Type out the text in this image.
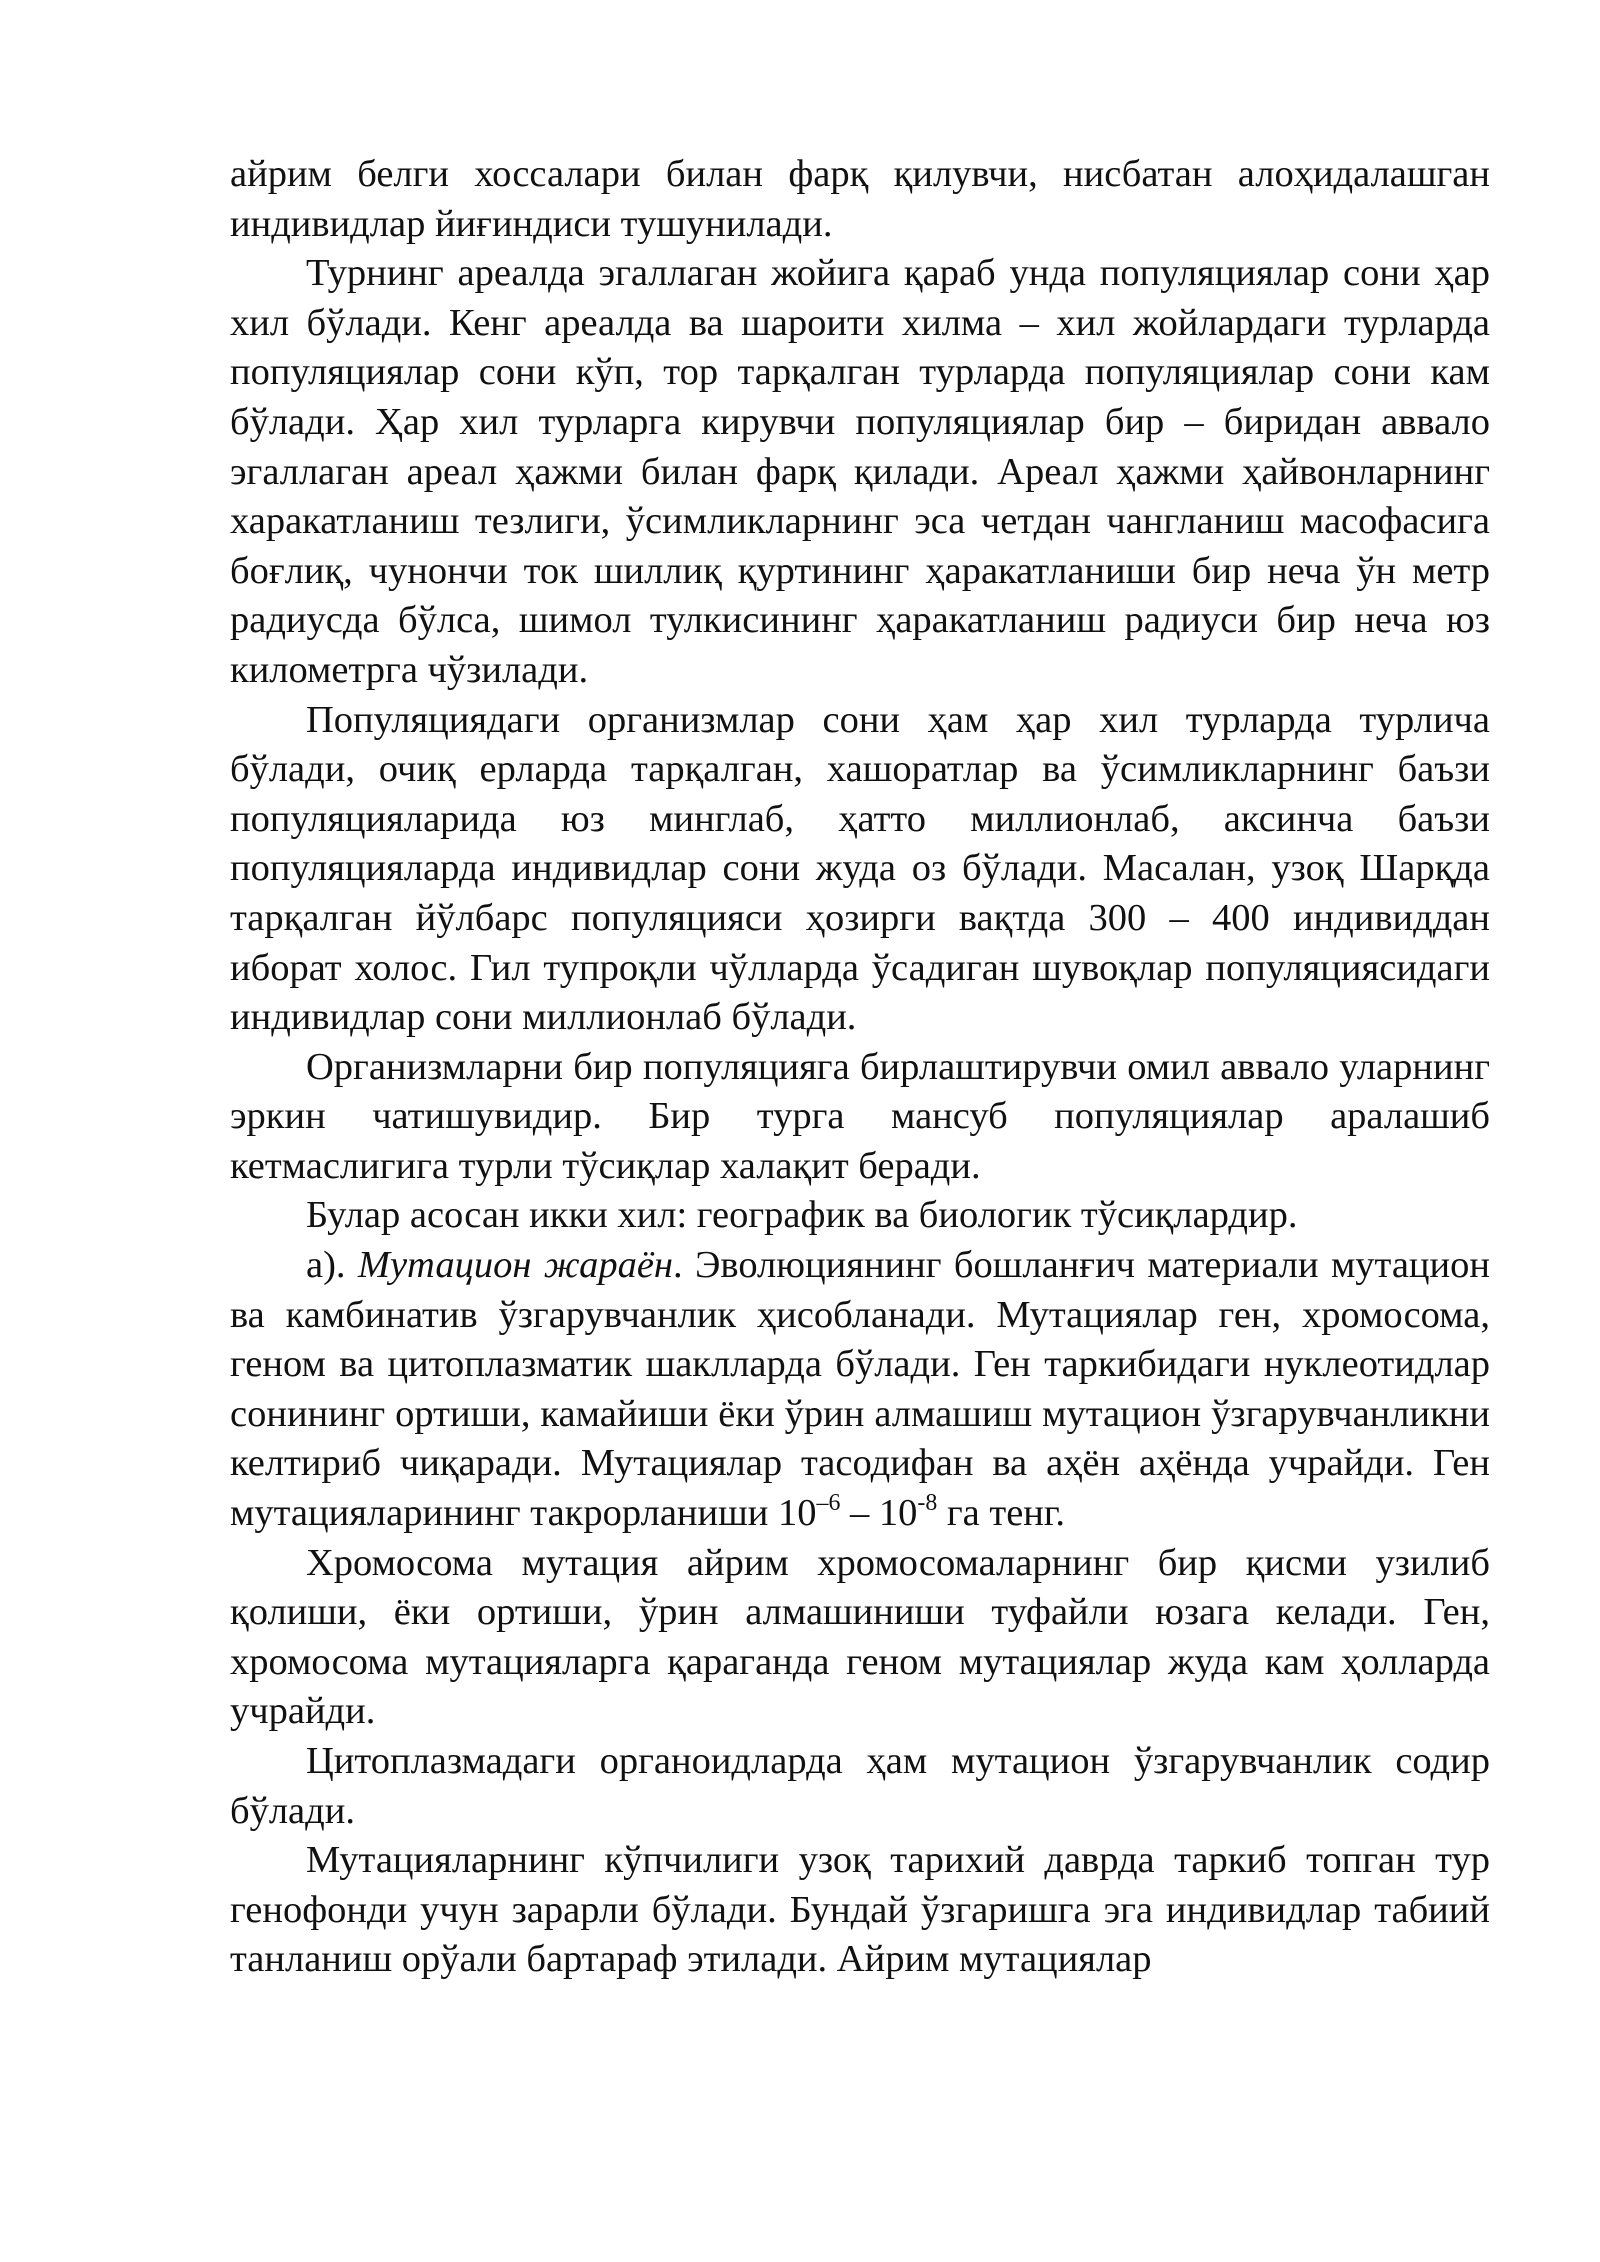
айрим белги хоссалари билан фарқ қилувчи, нисбатан алоҳидалашган индивидлар йиғиндиси тушунилади.

Турнинг ареалда эгаллаган жойига қараб унда популяциялар сони ҳар хил бўлади. Кенг ареалда ва шароити хилма – хил жойлардаги турларда популяциялар сони кўп, тор тарқалган турларда популяциялар сони кам бўлади. Ҳар хил турларга кирувчи популяциялар бир – биридан аввало эгаллаган ареал ҳажми билан фарқ қилади. Ареал ҳажми ҳайвонларнинг харакатланиш тезлиги, ўсимликларнинг эса четдан чангланиш масофасига боғлиқ, чунончи ток шиллиқ қуртининг ҳаракатланиши бир неча ўн метр радиусда бўлса, шимол тулкисининг ҳаракатланиш радиуси бир неча юз километрга чўзилади.

Популяциядаги организмлар сони ҳам ҳар хил турларда турлича бўлади, очиқ ерларда тарқалган, хашоратлар ва ўсимликларнинг баъзи популяцияларида юз минглаб, ҳатто миллионлаб, аксинча баъзи популяцияларда индивидлар сони жуда оз бўлади. Масалан, узоқ Шарқда тарқалган йўлбарс популяцияси ҳозирги вақтда 300 – 400 индивиддан иборат холос. Гил тупроқли чўлларда ўсадиган шувоқлар популяциясидаги индивидлар сони миллионлаб бўлади.

Организмларни бир популяцияга бирлаштирувчи омил аввало уларнинг эркин чатишувидир. Бир турга мансуб популяциялар аралашиб кетмаслигига турли тўсиқлар халақит беради.

Булар асосан икки хил: географик ва биологик тўсиқлардир.

а). Мутацион жараён. Эволюциянинг бошланғич материали мутацион ва камбинатив ўзгарувчанлик ҳисобланади. Мутациялар ген, хромосома, геном ва цитоплазматик шаклларда бўлади. Ген таркибидаги нуклеотидлар сонининг ортиши, камайиши ёки ўрин алмашиш мутацион ўзгарувчанликни келтириб чиқаради. Мутациялар тасодифан ва аҳён аҳёнда учрайди. Ген мутацияларининг такрорланиши $10^{-6} - 10^{-8}$ га тенг.

Хромосома мутация айрим хромосомаларнинг бир қисми узилиб қолиши, ёки ортиши, ўрин алмашиниши туфайли юзага келади. Ген, хромосома мутацияларга қараганда геном мутациялар жуда кам ҳолларда учрайди.

Цитоплазмадаги органоидларда ҳам мутацион ўзгарувчанлик содир бўлади.

Мутацияларнинг кўпчилиги узоқ тарихий даврда таркиб топган тур генофонди учун зарарли бўлади. Бундай ўзгаришга эга индивидлар табиий танланиш орўали бартараф этилади. Айрим мутациялар
